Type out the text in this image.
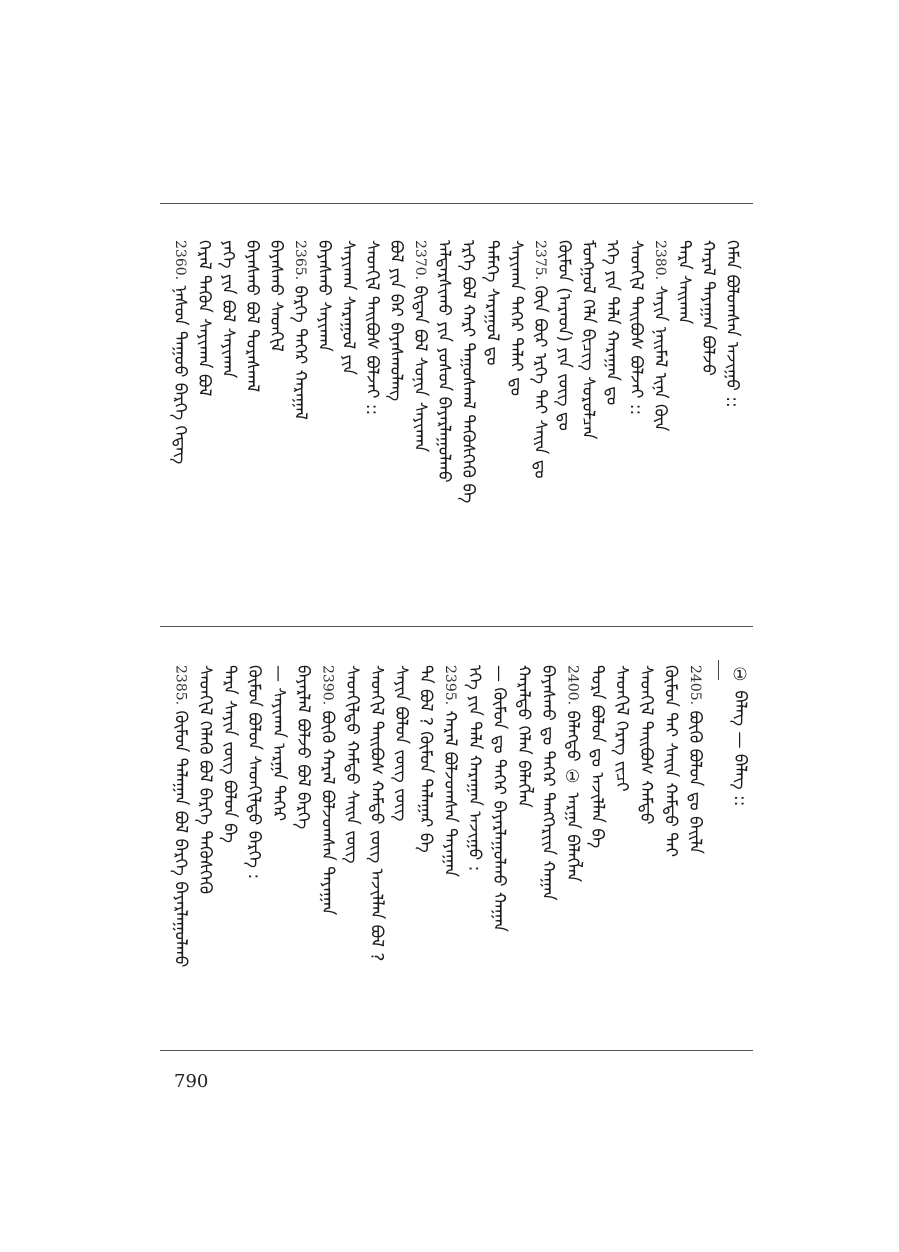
ᠬᠡᠮᠡᠨ ᠪᠣᠯᠤᠭᠰᠠᠨ ᠠᠵᠢᠭᠤ ::
ᠬᠠᠷᠠᠯ ᠲᠠᠶᠠᠭᠠᠨ ᠪᠣᠯᠵᠤ
ᠲᠡᠷᠡ ᠰᠠᠢᠬᠠᠨ
2380. ᠰᠠᠶᠢᠨ ᠨᠠᠢᠮᠠᠯ ᠢᠨᠡ ᠬᠦᠨ
ᠰᠡᠳᠭᠢᠯ ᠲᠠᠢᠪᠤᠰ ᠪᠣᠯᠵᠠᠢ ::
ᠡᠬᠡ ᠶᠢᠨ ᠲᠠᠯᠠ ᠬᠠᠷᠠᠭᠠᠨ ᠳᠤ
ᠮᠣᠩᠭᠣᠯ ᠬᠡᠯᠡ ᠪᠢᠴᠢᠭ ᠰᠤᠷᠤᠯᠴᠠᠨ
ᠬᠦᠮᠦᠨ (ᠠᠷᠠᠳ) ᠶᠢᠨ ᠵᠦᠭ ᠳᠤ
2375. ᠬᠦᠨ ᠪᠦᠷ ᠡᠷᠬᠡ ᠲᠠᠢ ᠰᠠᠢᠨ ᠳᠤ
ᠰᠠᠶᠢᠬᠠᠨ ᠳᠡᠭᠡᠷ ᠳᠠᠯᠠᠢ ᠳᠤ
ᠲᠡᠮᠡᠭᠡ ᠰᠠᠷᠠᠭᠤᠯ ᠳᠤ
ᠡᠷᠬᠡ ᠪᠣᠯ ᠬᠠᠷᠢ ᠳᠠᠭᠤᠰᠬᠠᠯ ᠲᠡᠭᠦᠰᠬᠡᠬᠦ ᠪᠡ
ᠠᠯᠳᠠᠷᠰᠢᠬᠤ ᠶᠢᠨ ᠶᠣᠰᠣᠨ ᠪᠠᠶᠠᠷᠯᠠᠭᠤᠯᠬᠤ
2370. ᠪᠢᠳᠡᠨ ᠪᠣᠯ ᠰᠣᠨᠢᠨ ᠰᠠᠶᠢᠬᠠᠨ
ᠪᠣᠯ ᠶᠢᠨ ᠪᠠᠷ ᠪᠠᠶᠠᠰᠬᠤᠯᠠᠩ
ᠰᠡᠳᠭᠢᠯ ᠲᠠᠢᠪᠤᠰ ᠪᠣᠯᠵᠠᠢ ::
ᠰᠠᠶᠢᠬᠠᠨ ᠰᠠᠷᠠᠭᠤᠯ ᠶᠢᠨ
ᠪᠠᠶᠠᠰᠬᠤ ᠰᠠᠶᠢᠬᠠᠨ
2365. ᠪᠡᠷᠬᠡ ᠳᠡᠭᠡᠷ ᠬᠠᠷᠠᠭᠠᠯ
ᠪᠠᠶᠠᠰᠬᠤ ᠰᠡᠳᠭᠢᠯ
ᠪᠠᠶᠠᠰᠬᠤ ᠪᠣᠯ ᠳᠤᠷᠠᠰᠬᠠᠯ
ᠶᠡᠬᠡ ᠶᠢᠨ ᠪᠣᠯ ᠰᠠᠶᠢᠬᠠᠨ
ᠭᠡᠷᠡᠯ ᠲᠡᠭᠦᠨ ᠰᠠᠶᠢᠬᠠᠨ ᠪᠣᠯ
2360. ᠨᠠᠰᠤᠨ ᠳᠠᠭᠤᠤ ᠪᠡᠷᠬᠡ ᠭᠡᠳᠡᠭ
① ᠪᠡᠯᠡᠭ — ᠪᠡᠯᠡᠭ ::
2405. ᠪᠦᠬᠦ ᠪᠣᠯᠣᠨ ᠳᠤ ᠪᠡᠢᠯᠡ
ᠬᠦᠮᠦᠨ ᠲᠡᠢ ᠰᠠᠢᠨ ᠬᠠᠮᠲᠤ ᠲᠡᠢ
ᠰᠡᠳᠭᠢᠯ ᠲᠠᠢᠪᠤᠰ ᠬᠠᠮᠲᠤ
ᠰᠡᠳᠭᠢᠯ ᠬᠡᠷᠡᠭ ᠵᠢᠴᠢ
ᠳᠤᠷᠠ ᠪᠣᠯᠣᠨ ᠳᠤ ᠠᠵᠢᠯᠯᠠᠨ ᠪᠡ
2400. ᠪᠡᠯᠡᠭᠲᠦ ① ᠠᠷᠭᠠ ᠪᠡᠯᠡᠭᠯᠡᠨ
ᠪᠠᠶᠠᠰᠬᠤ ᠳᠤ ᠳᠡᠭᠡᠷ ᠲᠡᠩᠭᠡᠷᠢᠢᠨ ᠬᠠᠭᠠᠨ
ᠬᠠᠷᠠᠯᠲᠤ ᠬᠡᠯᠡᠨ ᠪᠡᠯᠡᠭᠯᠡᠨ
— ᠬᠦᠮᠦᠨ ᠳᠤ ᠳᠡᠭᠡᠷ ᠪᠠᠶᠠᠷᠯᠠᠭᠤᠯᠬᠤ ᠬᠠᠭᠠᠨ
ᠡᠬᠡ ᠶᠢᠨ ᠲᠠᠯᠠ ᠬᠠᠷᠠᠭᠠᠨ ᠠᠵᠢᠭᠤ :
2395. ᠬᠠᠷᠠᠯ ᠪᠣᠯᠵᠤᠭᠰᠠᠨ ᠲᠠᠶᠠᠭᠠᠨ
ᠲᠡ ᠪᠣᠯ ? ᠬᠦᠮᠦᠨ ᠲᠠᠯᠠᠭᠠᠷ ᠪᠡ
ᠰᠠᠶᠢᠨ ᠪᠣᠯᠣᠨ ᠵᠦᠭ ᠵᠦᠭ
ᠰᠡᠳᠭᠢᠯ ᠲᠠᠢᠪᠤᠰ ᠬᠠᠮᠲᠤ ᠵᠦᠭ ᠠᠵᠢᠯᠯᠠᠨ ᠪᠣᠯ ?
ᠰᠡᠳᠭᠢᠯᠲᠦ ᠬᠠᠮᠲᠤ ᠰᠠᠢᠨ ᠵᠦᠭ
2390. ᠪᠦᠬᠦ ᠬᠠᠷᠠᠯ ᠪᠣᠯᠵᠤᠭᠰᠠᠨ ᠲᠠᠶᠠᠭᠠᠨ
ᠪᠠᠶᠠᠷᠯᠠᠯ ᠪᠣᠯᠵᠤ ᠪᠣᠯ ᠪᠡᠷᠬᠡ
— ᠰᠠᠶᠢᠬᠠᠨ ᠠᠷᠭᠠ ᠳᠡᠭᠡᠷ
ᠬᠦᠮᠦᠨ ᠪᠣᠯᠣᠨ ᠰᠡᠳᠭᠢᠯᠲᠦ ᠪᠡᠷᠬᠡ :
ᠲᠡᠷᠡ ᠰᠠᠶᠢᠨ ᠵᠦᠭ ᠪᠣᠯᠣᠨ ᠪᠡ
ᠰᠡᠳᠭᠢᠯ ᠬᠡᠯᠡᠬᠦ ᠪᠣᠯ ᠪᠡᠷᠬᠡ ᠲᠡᠭᠦᠰᠬᠡᠬᠦ
2385. ᠬᠦᠮᠦᠨ ᠲᠠᠯᠠᠭᠠᠨ ᠪᠣᠯ ᠪᠡᠷᠬᠡ ᠪᠠᠶᠠᠷᠯᠠᠭᠤᠯᠬᠤ
790
